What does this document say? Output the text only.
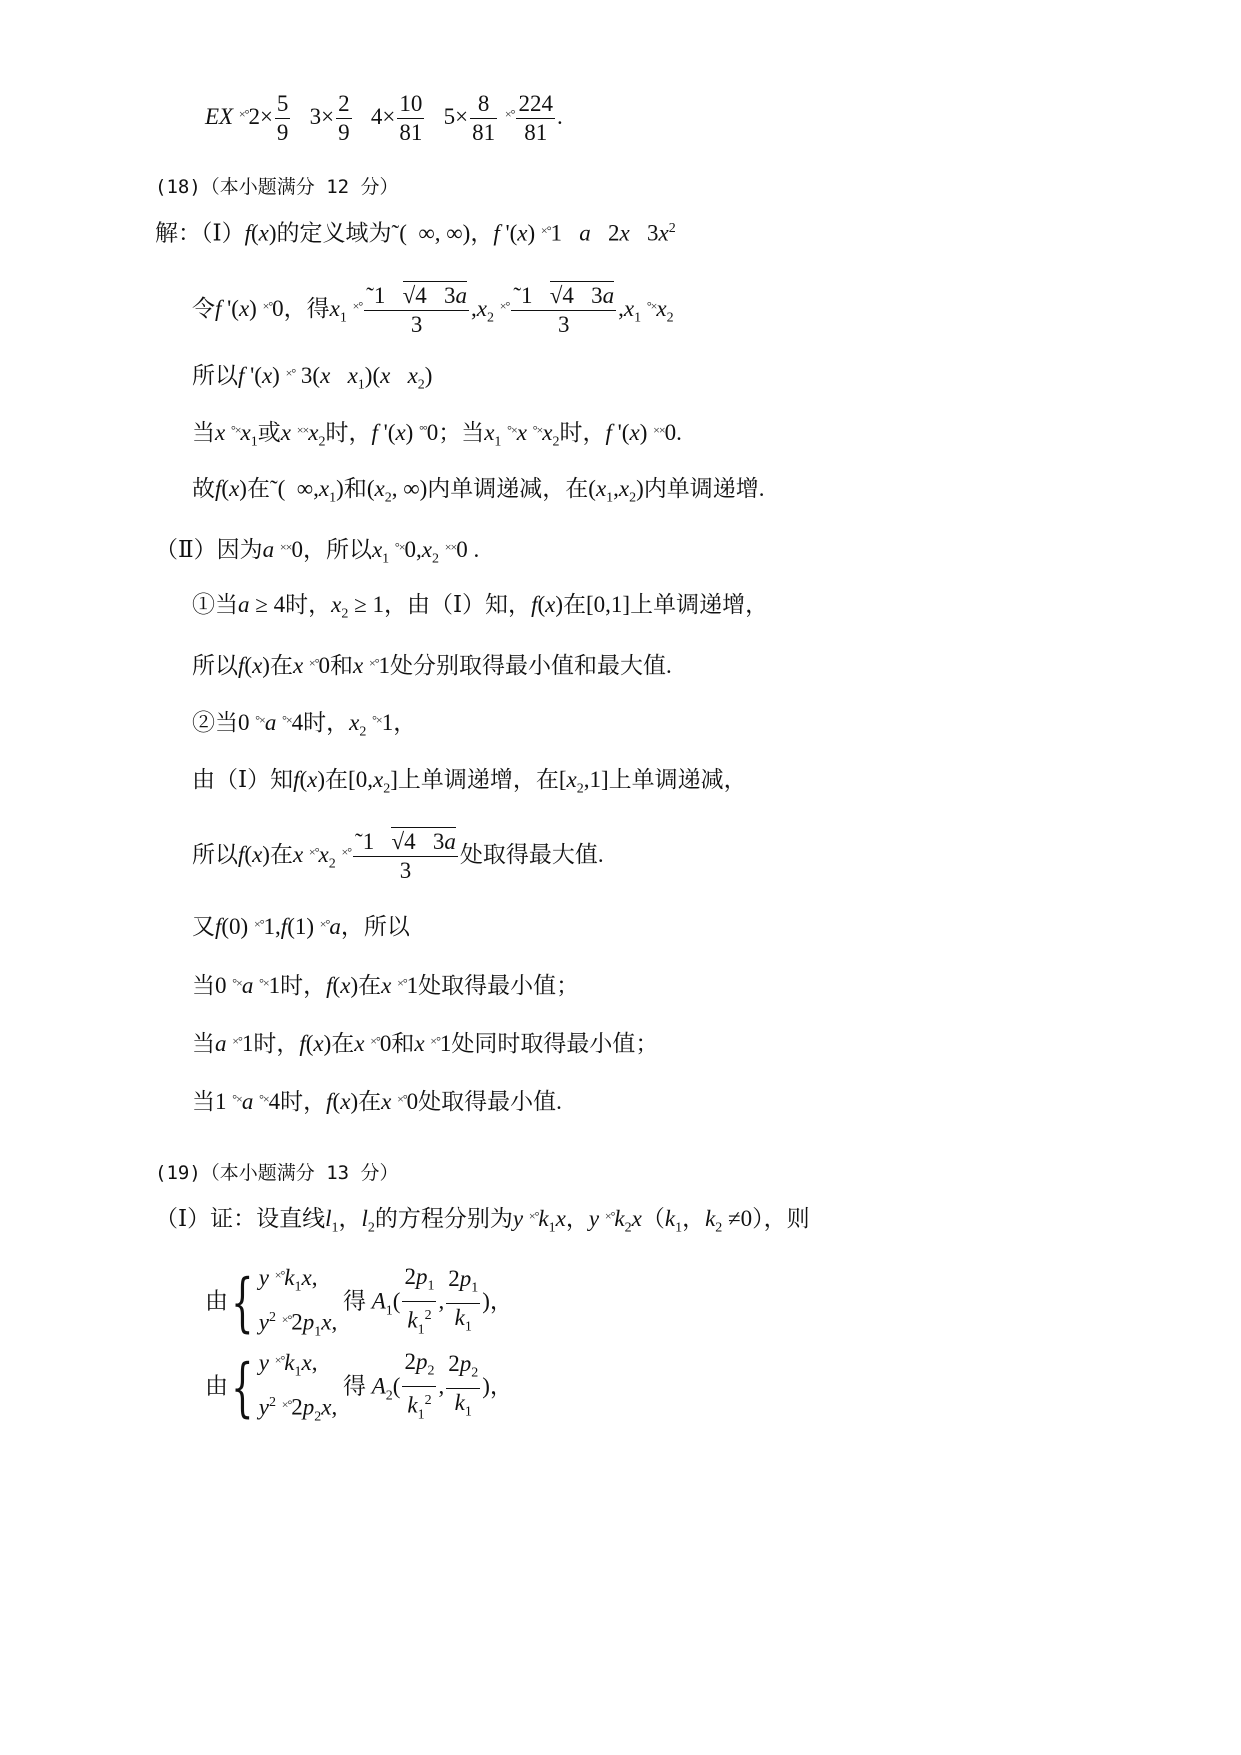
EX $^{\times^\circ}2\times \frac{5}{9} 3\times \frac{2}{9} 4\times \frac{10}{81} 5\times \frac{8}{81} ^{\times^\circ} \frac{224}{81}$ .
(18)（本小题满分 12 分）
解：（Ⅰ）f(x)的定义域为˜(  ∞, ∞)，f '(x) ×°1   a   2x   $3x^2$
令f '(x) ×°0，得$x_1$ $^{\times^\circ} \frac{˜1 √4 3a}{3} ,x_2$ $^{\times^\circ} \frac{˜1 √4 3a}{3} ,x_1$ $^{^\circ\times}x_2$
所以f '(x) ×° 3(x $x_1)(x$ $x_2$)
当x $^{^\circ\times}x_1$或x $^{\times\times}x_2$时，f '(x) °°0；当$x_1$ °×x $^{^\circ\times}x_2$时，f '(x) ××0.
故f(x)在˜(  $\infty,x_1$)和($x_2$, ∞)内单调递减，在$(x_1,x_2)$内单调递增.
（Ⅱ）因为a ××0，所以$x_1$ $^{^\circ\times}0,x_2$ ××0 .
①当a ≥ 4时，$x_2 \ge 1$，由（Ⅰ）知，f(x)在[0,1]上单调递增，
所以f(x)在x ×°0和x ×°1处分别取得最小值和最大值.
②当0 °×a °×4时，$x_2$ °×1，
由（Ⅰ）知f(x)在$[0,x_2]$上单调递增，在$[x_2,1]$上单调递减，
所以f(x)在x $^{\times^\circ}x_2$ $^{\times^\circ} \frac{˜1 √4 3a}{3}$ 处取得最大值.
又f(0) ×°1,f(1) ×°a，所以
当0 °×a °×1时，f(x)在x ×°1处取得最小值；
当a ×°1时，f(x)在x ×°0和x ×°1处同时取得最小值；
当1 °×a °×4时，f(x)在x ×°0处取得最小值.
(19)（本小题满分 13 分）
（Ⅰ）证：设直线$l_1$，$l_2$的方程分别为y $^{\times^\circ}k_1x$，y $^{\times^\circ}k_2x(k_1$，$k_2 \ne 0$），则
由{ y $^{\times^\circ}k_1x$,
$y^2$ $^{\times^\circ}2p_1x$,
得 $A_1( \frac{2p_1}{k_1^2}$ , $\frac{2p_1}{k_1}$ )，
由{ y $^{\times^\circ}k_1x$,
$y^2$ $^{\times^\circ}2p_2x$,
得 $A_2( \frac{2p_2}{k_1^2}$ , $\frac{2p_2}{k_1}$ )，
